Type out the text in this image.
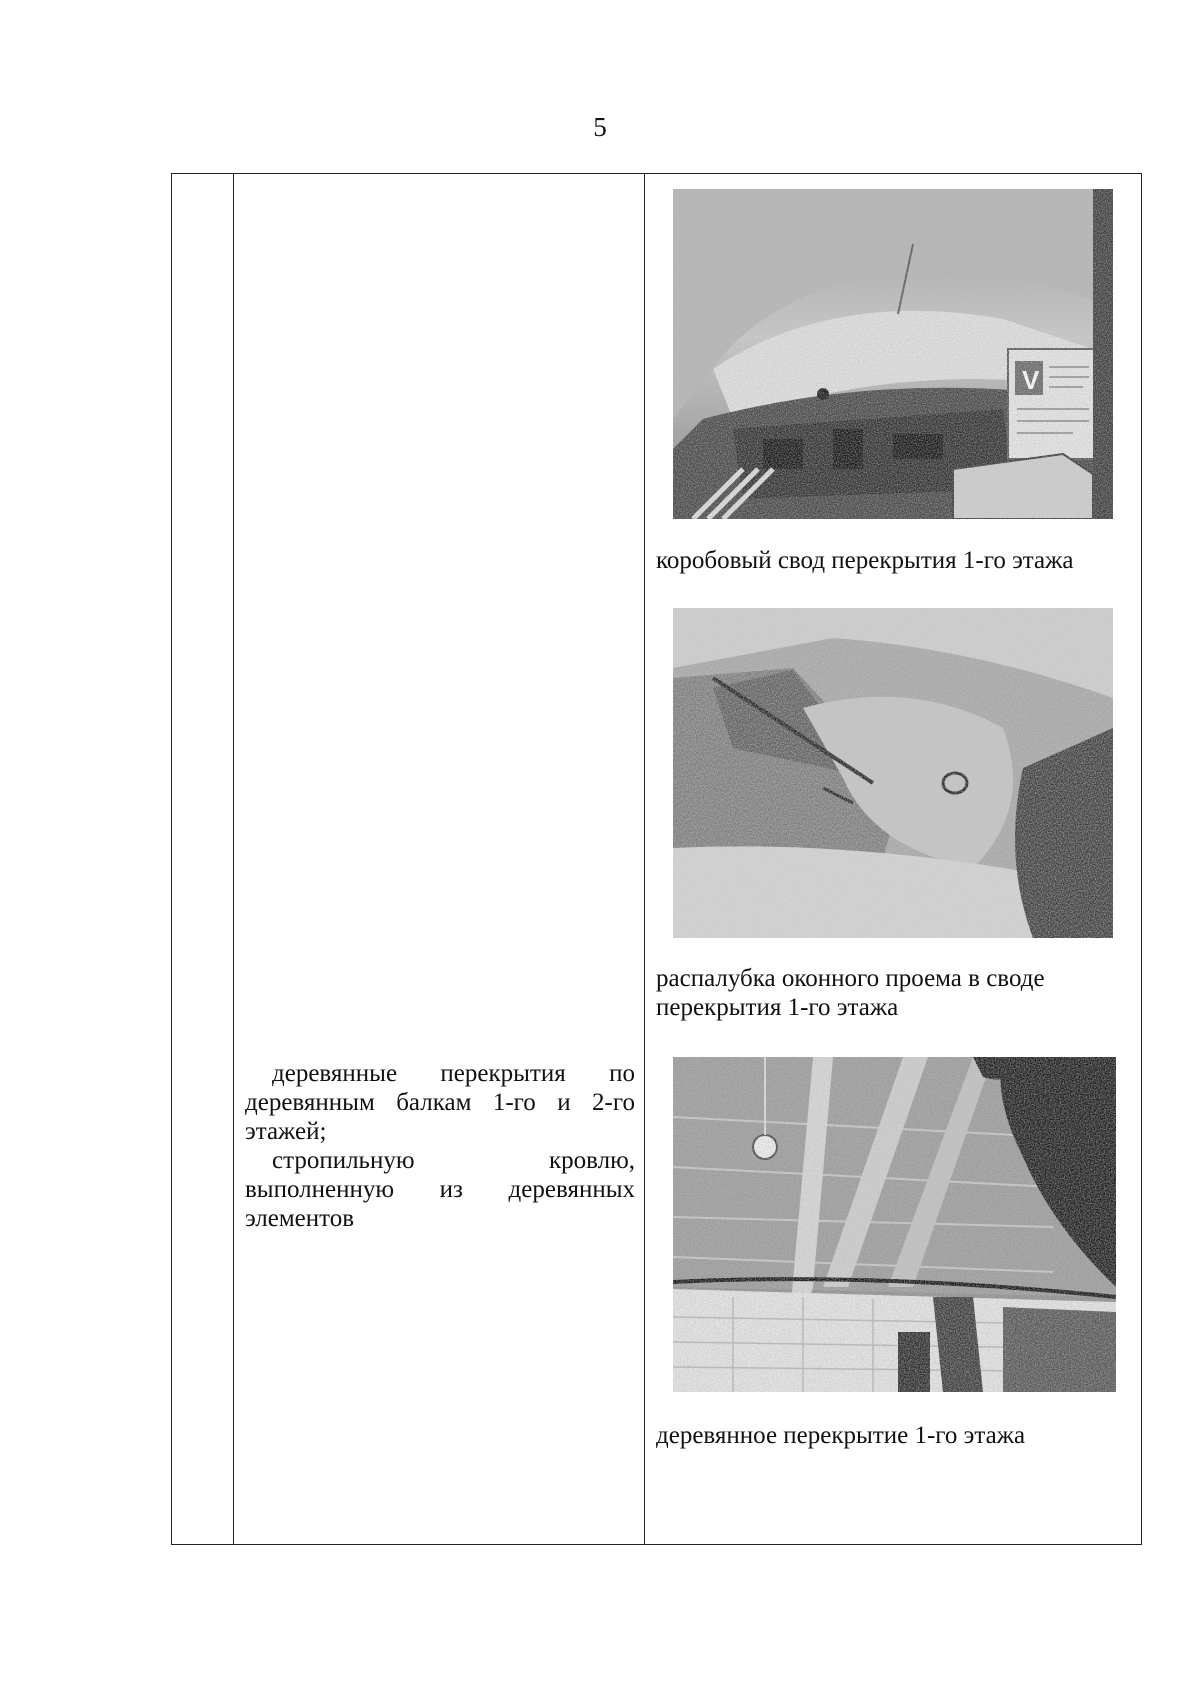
5

деревянные перекрытия по деревянным балкам 1-го и 2-го этажей;

стропильную кровлю, выполненную из деревянных элементов

коробовый свод перекрытия 1-го этажа
распалубка оконного проема в своде перекрытия 1-го этажа
деревянное перекрытие 1-го этажа
